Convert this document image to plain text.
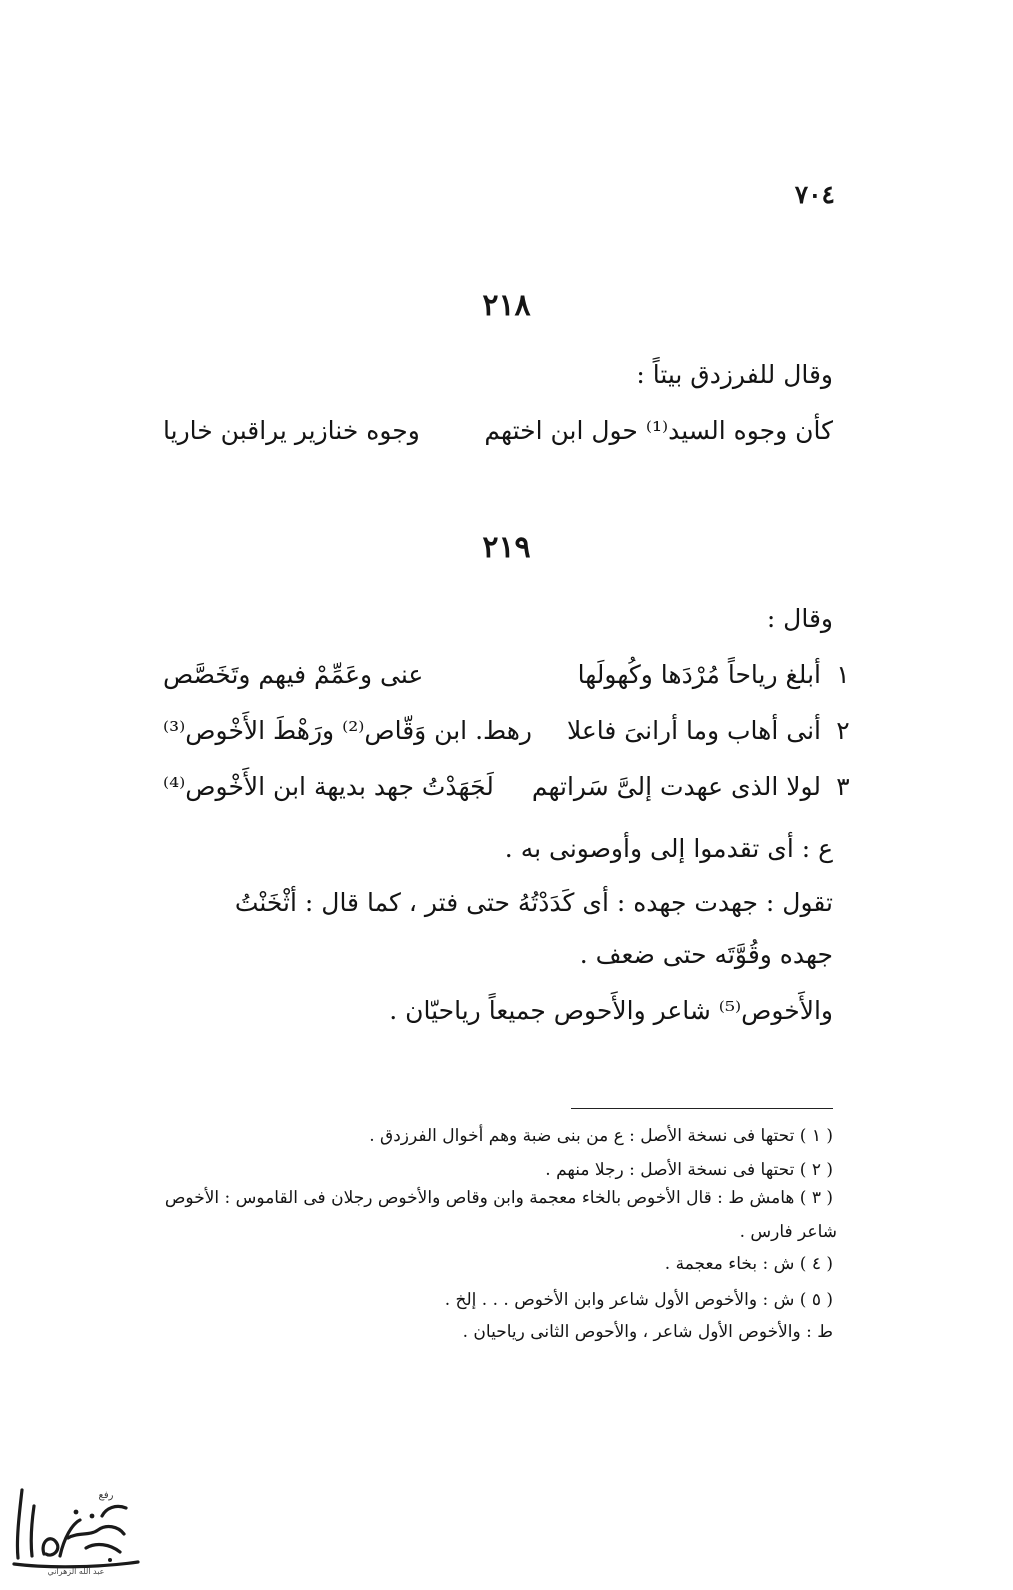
٧٠٤
٢١٨
وقال للفرزدق بيتاً :
كأن وجوه السيد⁽¹⁾ حول ابن اختهم
وجوه خنازير يراقبن خاريا
٢١٩
وقال :
١
أبلغ رياحاً مُرْدَها وكُهولَها
عنى وعَمِّمْ فيهم وتَخَصَّص
٢
أنى أهاب وما أرانىَ فاعلا
رهط. ابن وَقّاص⁽²⁾ ورَهْطَ الأَخْوص⁽³⁾
٣
لولا الذى عهدت إلىَّ سَراتهم
لَجَهَدْتُ جهد بديهة ابن الأَخْوص⁽⁴⁾
ع : أى تقدموا إلى وأوصونى به .
تقول : جهدت جهده : أى كَدَدْتُهُ حتى فتر ، كما قال : أثْخَنْتُ
جهده وقُوَّتَه حتى ضعف .
والأَخوص⁽⁵⁾ شاعر والأَحوص جميعاً رياحيّان .
( ١ ) تحتها فى نسخة الأصل : ع من بنى ضبة وهم أخوال الفرزدق .
( ٢ ) تحتها فى نسخة الأصل : رجلا منهم .
( ٣ ) هامش ط : قال الأخوص بالخاء معجمة وابن وقاص والأخوص رجلان فى القاموس : الأخوص
شاعر فارس .
( ٤ ) ش : بخاء معجمة .
( ٥ ) ش : والأخوص الأول شاعر وابن الأخوص . . . إلخ .
ط : والأخوص الأول شاعر ، والأحوص الثانى رياحيان .
رفع
عبد الله الزهراني
